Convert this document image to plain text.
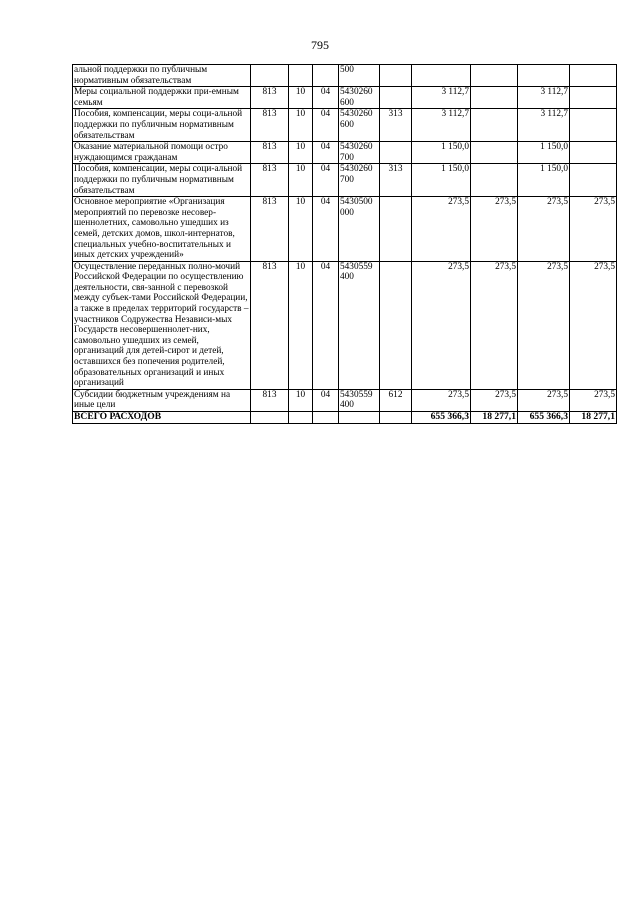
795
альной поддержки по публичным нормативным обязательствам				500					
Меры социальной поддержки при-емным семьям	813	10	04	5430260 600		3 112,7		3 112,7	
Пособия, компенсации, меры соци-альной поддержки по публичным нормативным обязательствам	813	10	04	5430260 600	313	3 112,7		3 112,7	
Оказание материальной помощи остро нуждающимся гражданам	813	10	04	5430260 700		1 150,0		1 150,0	
Пособия, компенсации, меры соци-альной поддержки по публичным нормативным обязательствам	813	10	04	5430260 700	313	1 150,0		1 150,0	
Основное мероприятие «Организация мероприятий по перевозке несовер-шеннолетних, самовольно ушедших из семей, детских домов, школ-интернатов, специальных учебно-воспитательных и иных детских учреждений»	813	10	04	5430500 000		273,5	273,5	273,5	273,5
Осуществление переданных полно-мочий Российской Федерации по осуществлению деятельности, свя-занной с перевозкой между субъек-тами Российской Федерации, а также в пределах территорий государств – участников Содружества Независи-мых Государств несовершеннолет-них, самовольно ушедших из семей, организаций для детей-сирот и детей, оставшихся без попечения родителей, образовательных организаций и иных организаций	813	10	04	5430559 400		273,5	273,5	273,5	273,5
Субсидии бюджетным учреждениям на иные цели	813	10	04	5430559 400	612	273,5	273,5	273,5	273,5
ВСЕГО РАСХОДОВ						655 366,3	18 277,1	655 366,3	18 277,1
